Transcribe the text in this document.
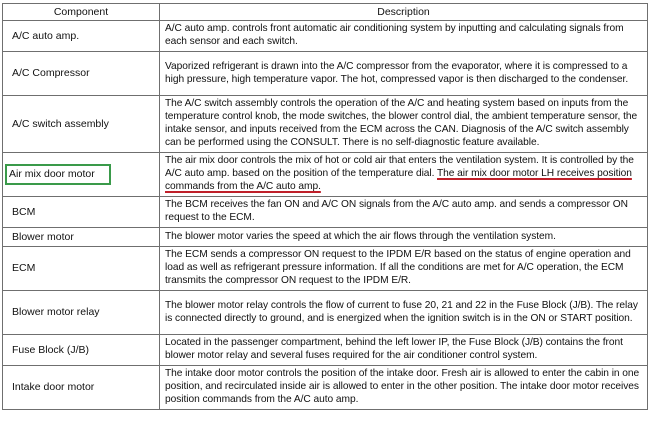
Component	Description
A/C auto amp.	A/C auto amp. controls front automatic air conditioning system by inputting and calculating signals from each sensor and each switch.
A/C Compressor	Vaporized refrigerant is drawn into the A/C compressor from the evaporator, where it is compressed to a high pressure, high temperature vapor. The hot, compressed vapor is then discharged to the condenser.
A/C switch assembly	The A/C switch assembly controls the operation of the A/C and heating system based on inputs from the temperature control knob, the mode switches, the blower control dial, the ambient temperature sensor, the intake sensor, and inputs received from the ECM across the CAN. Diagnosis of the A/C switch assembly can be performed using the CONSULT. There is no self-diagnostic feature available.
Air mix door motor	The air mix door controls the mix of hot or cold air that enters the ventilation system. It is controlled by the A/C auto amp. based on the position of the temperature dial. The air mix door motor LH receives position commands from the A/C auto amp.
BCM	The BCM receives the fan ON and A/C ON signals from the A/C auto amp. and sends a compressor ON request to the ECM.
Blower motor	The blower motor varies the speed at which the air flows through the ventilation system.
ECM	The ECM sends a compressor ON request to the IPDM E/R based on the status of engine operation and load as well as refrigerant pressure information. If all the conditions are met for A/C operation, the ECM transmits the compressor ON request to the IPDM E/R.
Blower motor relay	The blower motor relay controls the flow of current to fuse 20, 21 and 22 in the Fuse Block (J/B). The relay is connected directly to ground, and is energized when the ignition switch is in the ON or START position.
Fuse Block (J/B)	Located in the passenger compartment, behind the left lower IP, the Fuse Block (J/B) contains the front blower motor relay and several fuses required for the air conditioner control system.
Intake door motor	The intake door motor controls the position of the intake door. Fresh air is allowed to enter the cabin in one position, and recirculated inside air is allowed to enter in the other position. The intake door motor receives position commands from the A/C auto amp.
